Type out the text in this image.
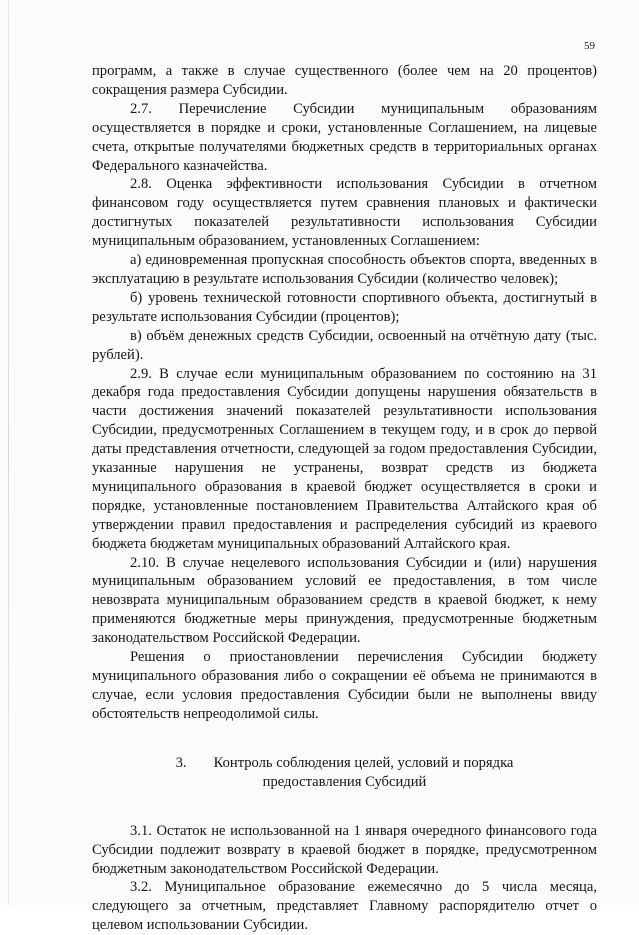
59

программ, а также в случае существенного (более чем на 20 процентов) сокращения размера Субсидии.

2.7. Перечисление Субсидии муниципальным образованиям осуществляется в порядке и сроки, установленные Соглашением, на лицевые счета, открытые получателями бюджетных средств в территориальных органах Федерального казначейства.

2.8. Оценка эффективности использования Субсидии в отчетном финансовом году осуществляется путем сравнения плановых и фактически достигнутых показателей результативности использования Субсидии муниципальным образованием, установленных Соглашением:

а) единовременная пропускная способность объектов спорта, введенных в эксплуатацию в результате использования Субсидии (количество человек);

б) уровень технической готовности спортивного объекта, достигнутый в результате использования Субсидии (процентов);

в) объём денежных средств Субсидии, освоенный на отчётную дату (тыс. рублей).

2.9. В случае если муниципальным образованием по состоянию на 31 декабря года предоставления Субсидии допущены нарушения обязательств в части достижения значений показателей результативности использования Субсидии, предусмотренных Соглашением в текущем году, и в срок до первой даты представления отчетности, следующей за годом предоставления Субсидии, указанные нарушения не устранены, возврат средств из бюджета муниципального образования в краевой бюджет осуществляется в сроки и порядке, установленные постановлением Правительства Алтайского края об утверждении правил предоставления и распределения субсидий из краевого бюджета бюджетам муниципальных образований Алтайского края.

2.10. В случае нецелевого использования Субсидии и (или) нарушения муниципальным образованием условий ее предоставления, в том числе невозврата муниципальным образованием средств в краевой бюджет, к нему применяются бюджетные меры принуждения, предусмотренные бюджетным законодательством Российской Федерации.

Решения о приостановлении перечисления Субсидии бюджету муниципального образования либо о сокращении её объема не принимаются в случае, если условия предоставления Субсидии были не выполнены ввиду обстоятельств непреодолимой силы.

3. Контроль соблюдения целей, условий и порядка
предоставления Субсидий

3.1. Остаток не использованной на 1 января очередного финансового года Субсидии подлежит возврату в краевой бюджет в порядке, предусмотренном бюджетным законодательством Российской Федерации.

3.2. Муниципальное образование ежемесячно до 5 числа месяца, следующего за отчетным, представляет Главному распорядителю отчет о целевом использовании Субсидии.
